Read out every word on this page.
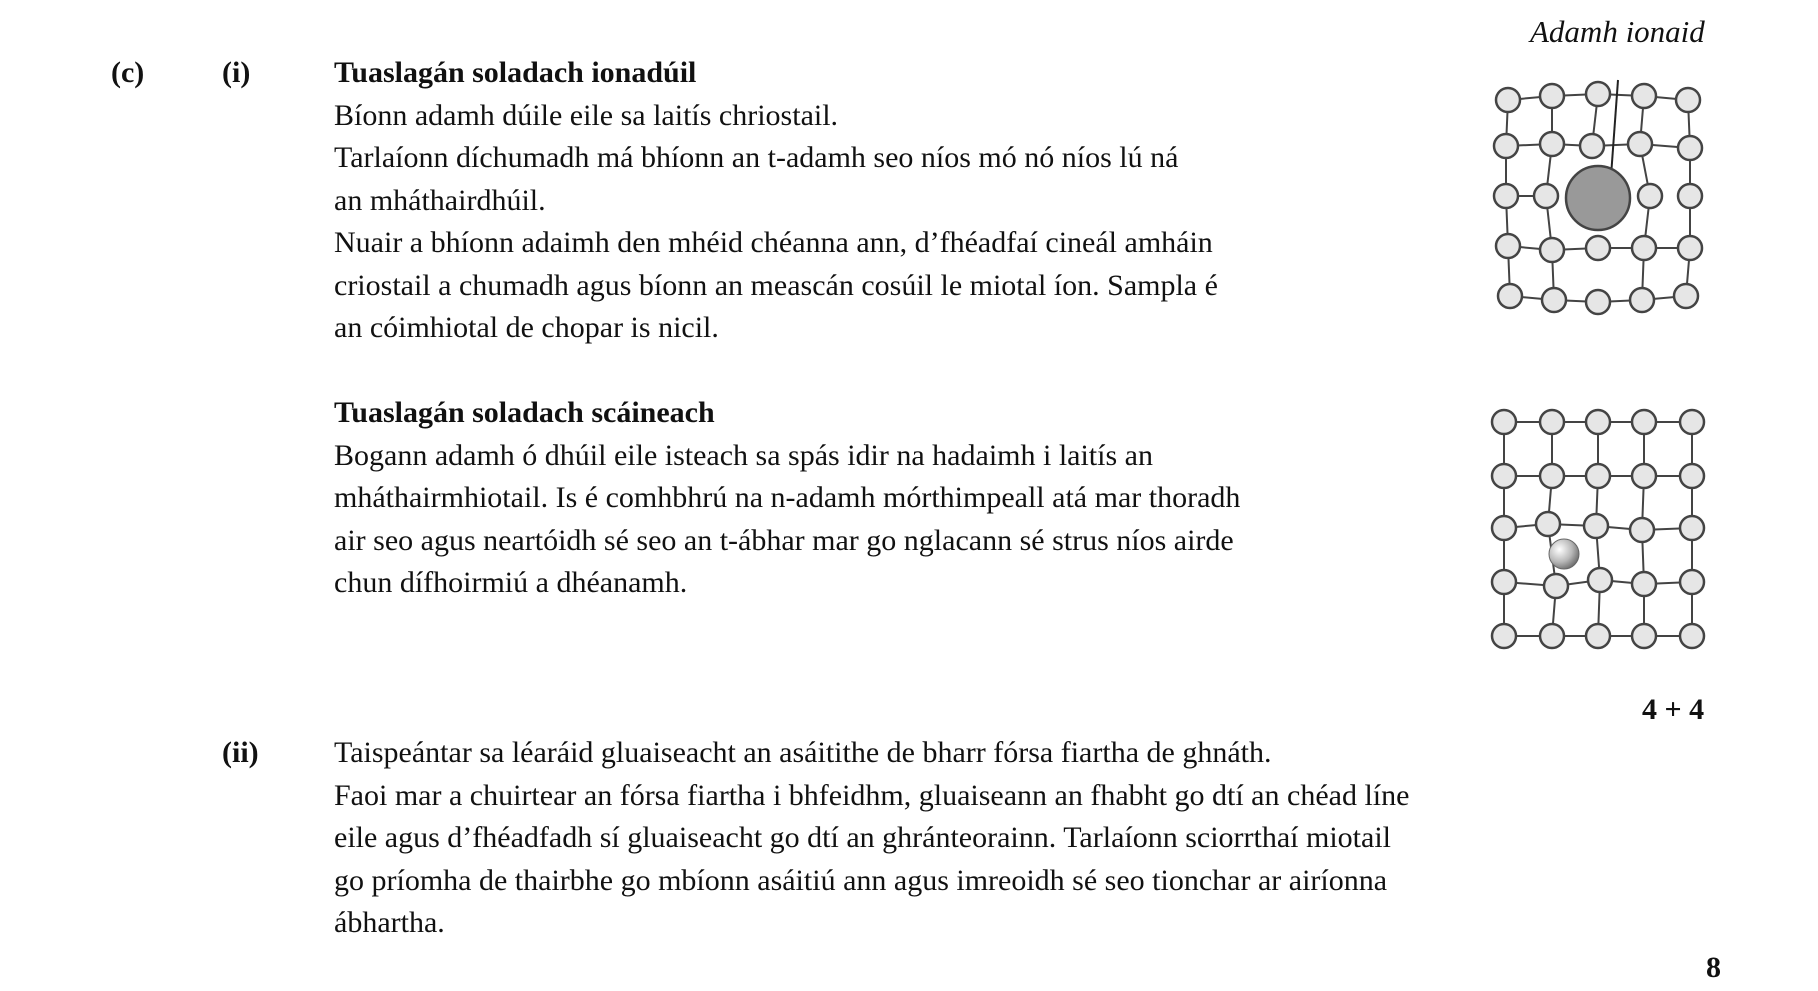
(c)	(i)	Tuaslagán soladach ionadúil
Bíonn adamh dúile eile sa laitís chriostail.
Tarlaíonn díchumadh má bhíonn an t-adamh seo níos mó nó níos lú ná
an mháthairdhúil.
Nuair a bhíonn adaimh den mhéid chéanna ann, d’fhéadfaí cineál amháin
criostail a chumadh agus bíonn an meascán cosúil le miotal íon. Sampla é
an cóimhiotal de chopar is nicil.
Tuaslagán soladach scáineach
Bogann adamh ó dhúil eile isteach sa spás idir na hadaimh i laitís an
mháthairmhiotail. Is é comhbhrú na n-adamh mórthimpeall atá mar thoradh
air seo agus neartóidh sé seo an t-ábhar mar go nglacann sé strus níos airde
chun dífhoirmiú a dhéanamh.
Adamh ionaid
4 + 4
(ii)	Taispeántar sa léaráid gluaiseacht an asáitithe de bharr fórsa fiartha de ghnáth.
Faoi mar a chuirtear an fórsa fiartha i bhfeidhm, gluaiseann an fhabht go dtí an chéad líne
eile agus d’fhéadfadh sí gluaiseacht go dtí an ghránteorainn. Tarlaíonn sciorrthaí miotail
go príomha de thairbhe go mbíonn asáitiú ann agus imreoidh sé seo tionchar ar airíonna
ábhartha.
8
